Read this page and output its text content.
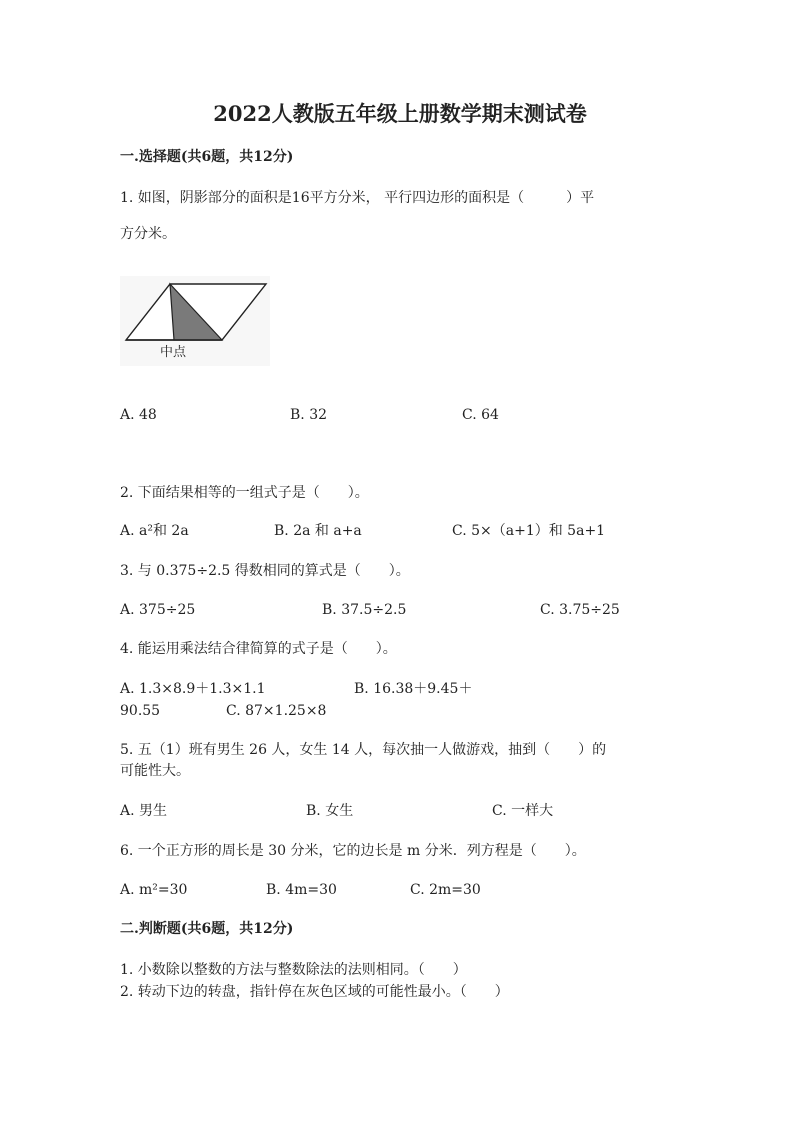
2022人教版五年级上册数学期末测试卷
一.选择题(共6题，共12分)
1. 如图，阴影部分的面积是16平方分米， 平行四边形的面积是（　　　）平
方分米。
中点
A. 48	B. 32	C. 64
2. 下面结果相等的一组式子是（　　）。
A. a²和 2a	B. 2a 和 a+a	C. 5×（a+1）和 5a+1
3. 与 0.375÷2.5 得数相同的算式是（　　）。
A. 375÷25	B. 37.5÷2.5	C. 3.75÷25
4. 能运用乘法结合律简算的式子是（　　）。
A. 1.3×8.9＋1.3×1.1	B. 16.38＋9.45＋
90.55	C. 87×1.25×8
5. 五（1）班有男生 26 人，女生 14 人，每次抽一人做游戏，抽到（　　）的
可能性大。
A. 男生	B. 女生	C. 一样大
6. 一个正方形的周长是 30 分米，它的边长是 m 分米．列方程是（　　）。
A. m²=30	B. 4m=30	C. 2m=30
二.判断题(共6题，共12分)
1. 小数除以整数的方法与整数除法的法则相同。（　　）
2. 转动下边的转盘，指针停在灰色区域的可能性最小。（　　）
